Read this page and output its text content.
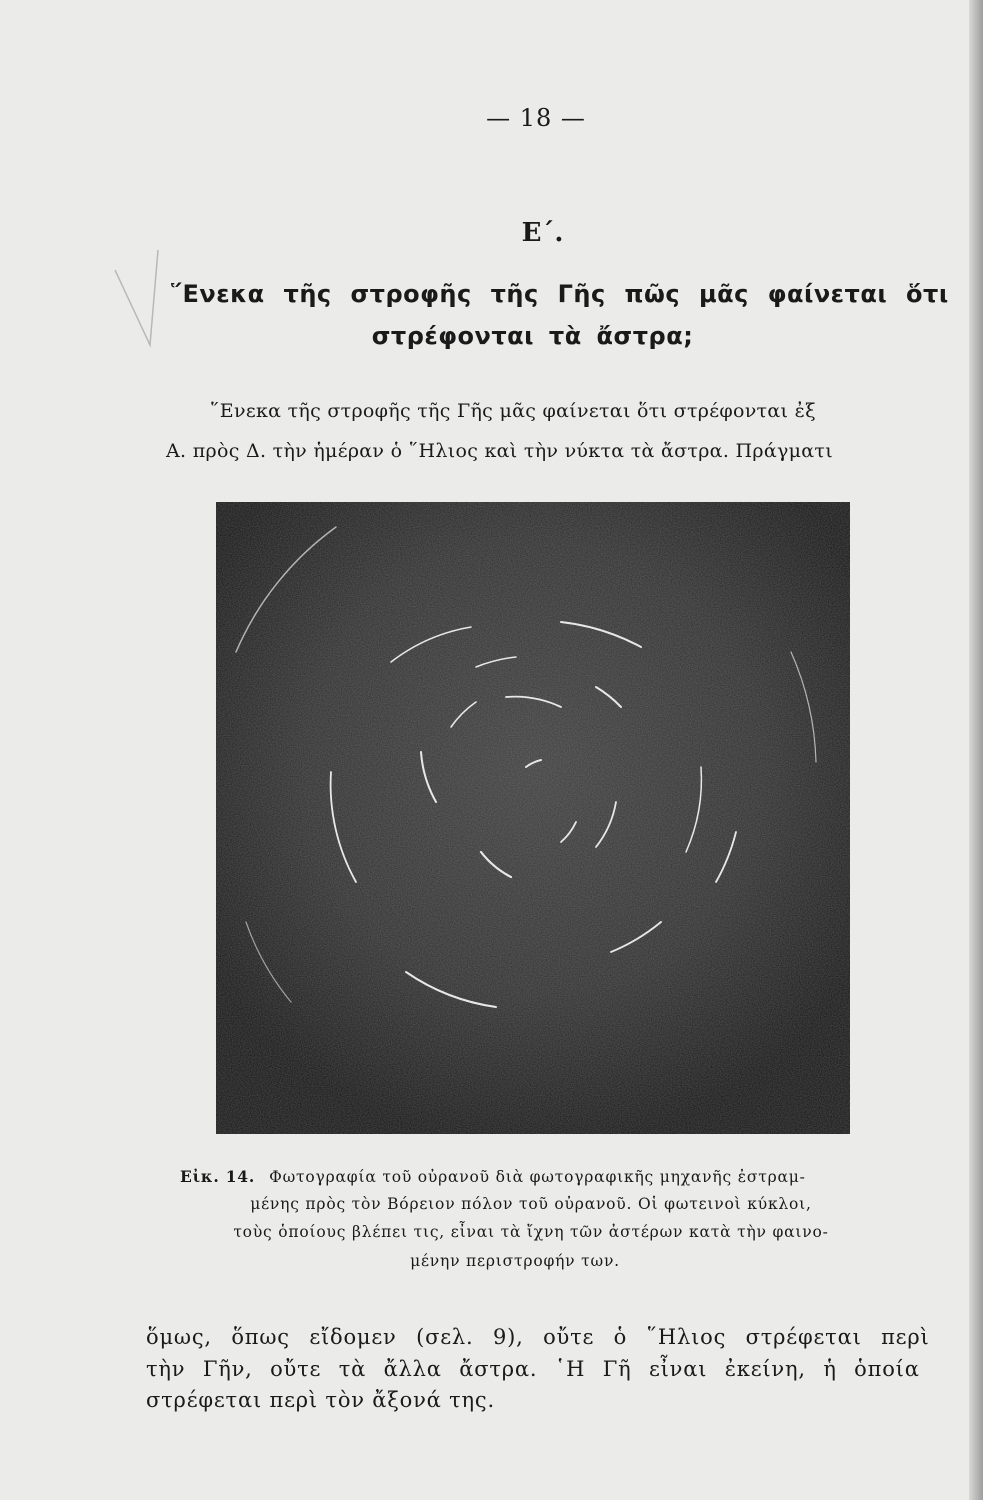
— 18 —
Ε΄.
῞Ενεκα τῆς στροφῆς τῆς Γῆς πῶς μᾶς φαίνεται ὅτι
στρέφονται τὰ ἄστρα;
῞Ενεκα τῆς στροφῆς τῆς Γῆς μᾶς φαίνεται ὅτι στρέφονται ἐξ
Α. πρὸς Δ. τὴν ἡμέραν ὁ ῞Ηλιος καὶ τὴν νύκτα τὰ ἄστρα. Πράγματι
Εἰκ. 14. Φωτογραφία τοῦ οὐρανοῦ διὰ φωτογραφικῆς μηχανῆς ἐστραμ-
μένης πρὸς τὸν Βόρειον πόλον τοῦ οὐρανοῦ. Οἱ φωτεινοὶ κύκλοι,
τοὺς ὁποίους βλέπει τις, εἶναι τὰ ἴχνη τῶν ἀστέρων κατὰ τὴν φαινο-
μένην περιστροφήν των.
ὅμως, ὅπως εἴδομεν (σελ. 9), οὔτε ὁ ῞Ηλιος στρέφεται περὶ
τὴν Γῆν, οὔτε τὰ ἄλλα ἄστρα. ῾Η Γῆ εἶναι ἐκείνη, ἡ ὁποία
στρέφεται περὶ τὸν ἄξονά της.
